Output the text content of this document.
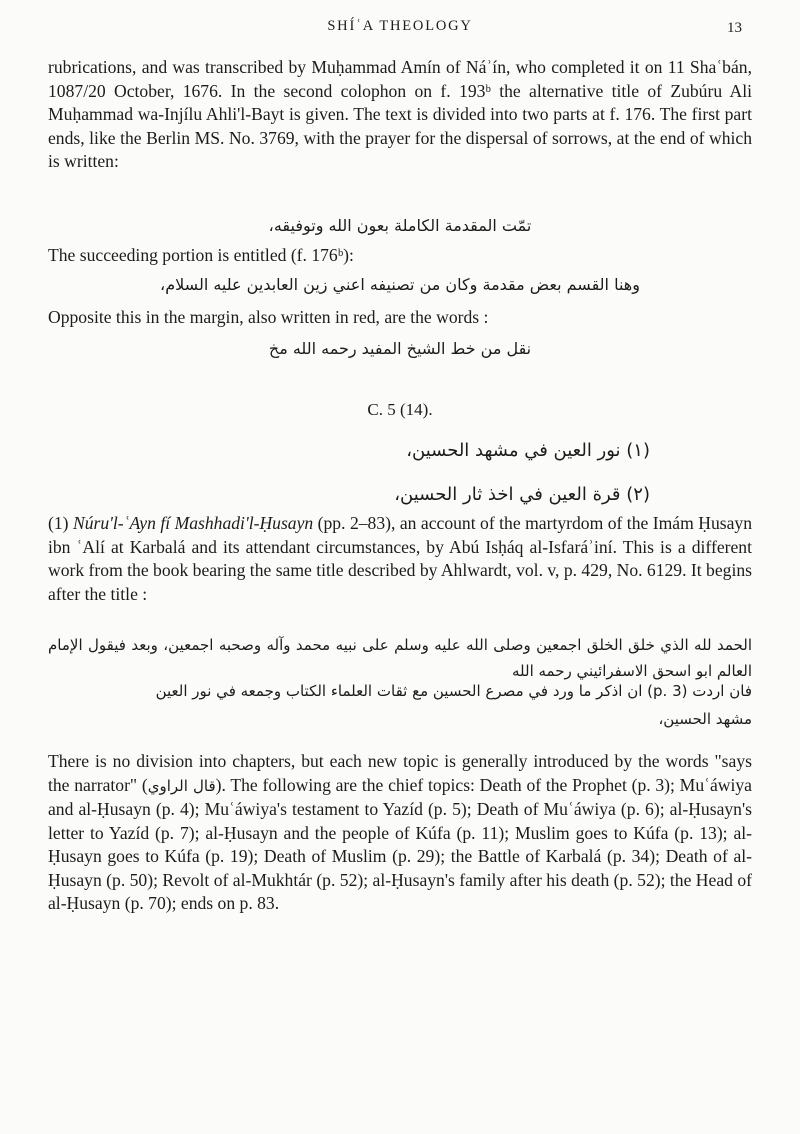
SHÍʿA THEOLOGY	13

rubrications, and was transcribed by Muḥammad Amín of Náʾín, who completed it on 11 Shaʿbán, 1087/20 October, 1676. In the second colophon on f. 193ᵇ the alternative title of Zubúru Ali Muḥammad wa-Injílu Ahli'l-Bayt is given. The text is divided into two parts at f. 176. The first part ends, like the Berlin MS. No. 3769, with the prayer for the dispersal of sorrows, at the end of which is written:

تمّت المقدمة الكاملة بعون الله وتوفيقه،

The succeeding portion is entitled (f. 176ᵇ):

وهنا القسم بعض مقدمة وكان من تصنيفه اعني زين العابدين عليه السلام،

Opposite this in the margin, also written in red, are the words :

نقل من خط الشيخ المفيد رحمه الله مخ
C. 5 (14).
(١) نور العين في مشهد الحسين،
(٢) قرة العين في اخذ ثار الحسين،

(1) Núru'l-ʿAyn fí Mashhadi'l-Ḥusayn (pp. 2–83), an account of the martyrdom of the Imám Ḥusayn ibn ʿAlí at Karbalá and its attendant circumstances, by Abú Isḥáq al-Isfaráʾiní. This is a different work from the book bearing the same title described by Ahlwardt, vol. v, p. 429, No. 6129. It begins after the title :

الحمد لله الذي خلق الخلق اجمعين وصلى الله عليه وسلم على نبيه محمد وآله وصحبه اجمعين، وبعد فيقول الإمام العالم ابو اسحق الاسفرائيني رحمه الله
فان اردت (p. 3) ان اذكر ما ورد في مصرع الحسين مع ثقات العلماء الكتاب وجمعه في نور العين
مشهد الحسين،

There is no division into chapters, but each new topic is generally introduced by the words "says the narrator" (قال الراوي). The following are the chief topics: Death of the Prophet (p. 3); Muʿáwiya and al-Ḥusayn (p. 4); Muʿáwiya's testament to Yazíd (p. 5); Death of Muʿáwiya (p. 6); al-Ḥusayn's letter to Yazíd (p. 7); al-Ḥusayn and the people of Kúfa (p. 11); Muslim goes to Kúfa (p. 13); al-Ḥusayn goes to Kúfa (p. 19); Death of Muslim (p. 29); the Battle of Karbalá (p. 34); Death of al-Ḥusayn (p. 50); Revolt of al-Mukhtár (p. 52); al-Ḥusayn's family after his death (p. 52); the Head of al-Ḥusayn (p. 70); ends on p. 83.
